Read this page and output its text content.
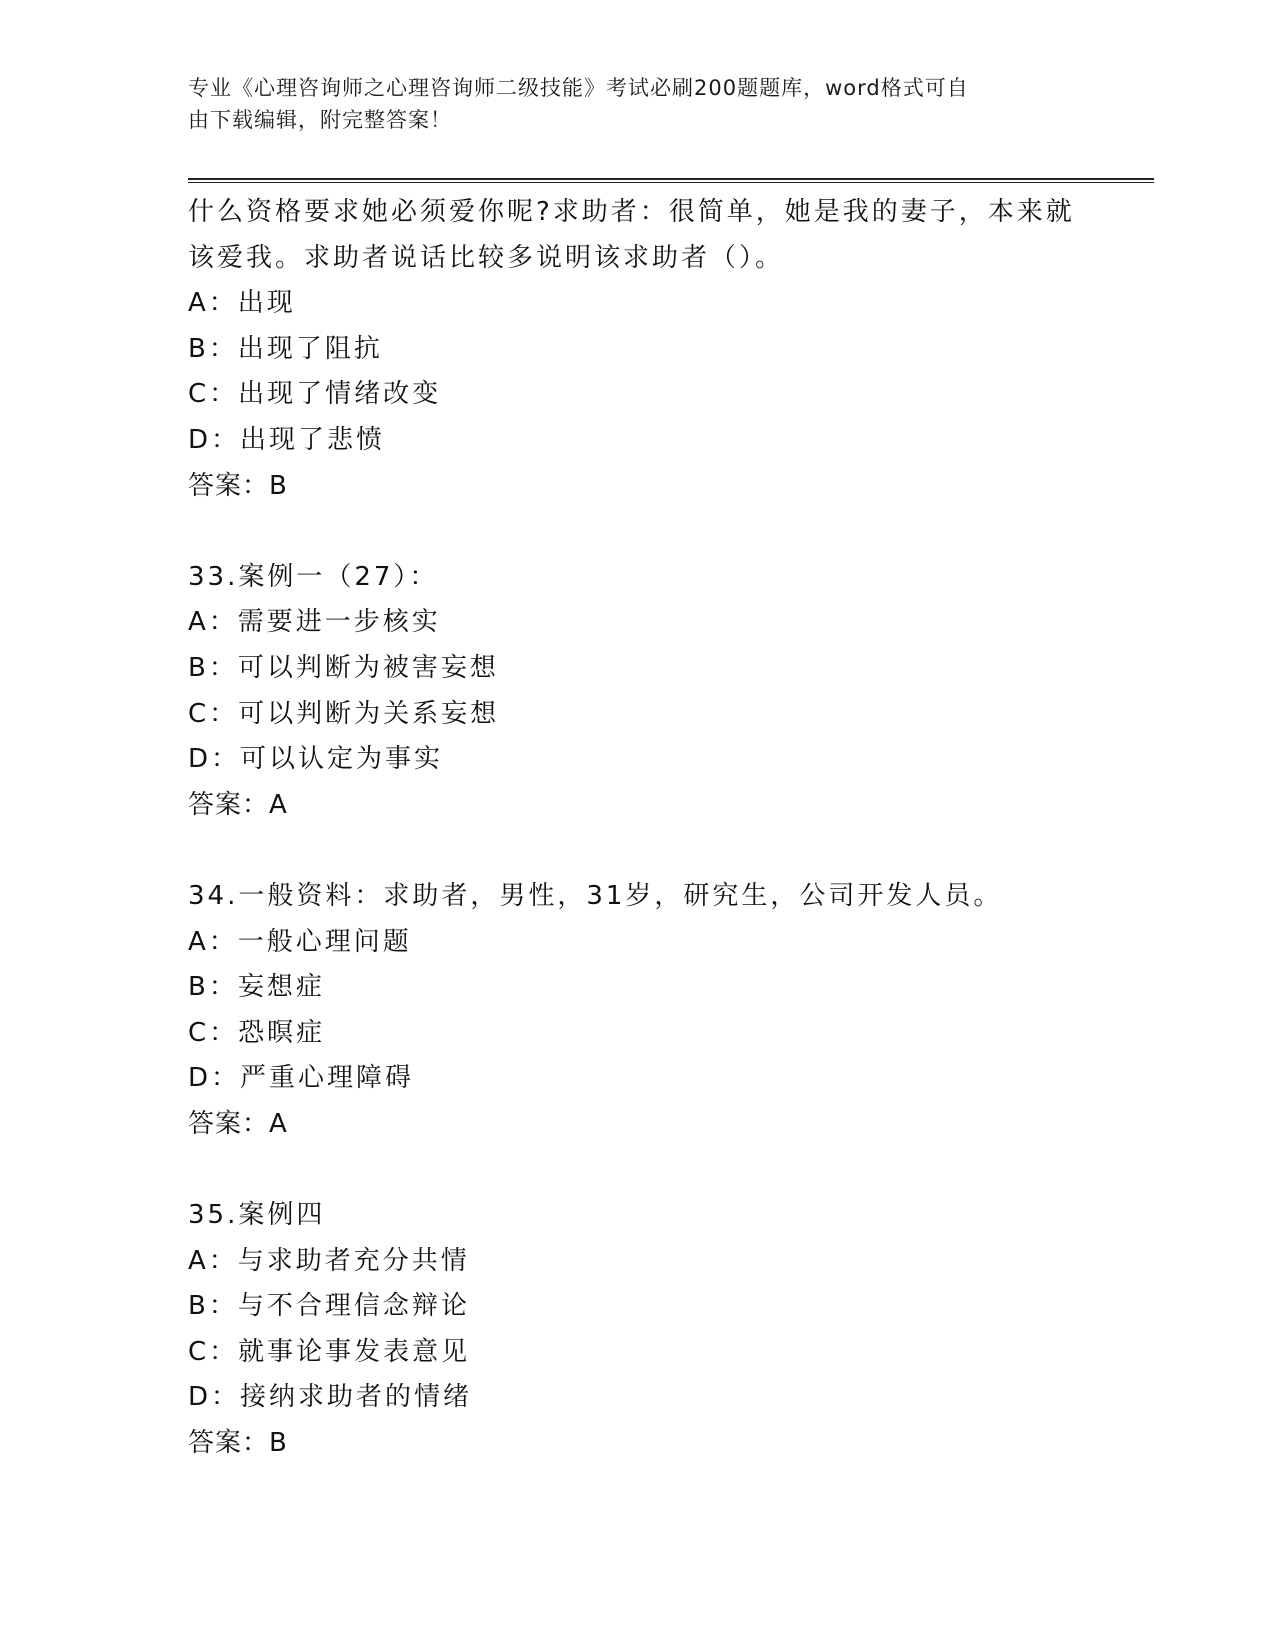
专业《心理咨询师之心理咨询师二级技能》考试必刷200题题库，word格式可自
由下载编辑，附完整答案！
什么资格要求她必须爱你呢?求助者：很简单，她是我的妻子，本来就
该爱我。求助者说话比较多说明该求助者（）。
A：出现
B：出现了阻抗
C：出现了情绪改变
D：出现了悲愤
答案：B
33.案例一（27）：
A：需要进一步核实
B：可以判断为被害妄想
C：可以判断为关系妄想
D：可以认定为事实
答案：A
34.一般资料：求助者，男性，31岁，研究生，公司开发人员。
A：一般心理问题
B：妄想症
C：恐暝症
D：严重心理障碍
答案：A
35.案例四
A：与求助者充分共情
B：与不合理信念辩论
C：就事论事发表意见
D：接纳求助者的情绪
答案：B
